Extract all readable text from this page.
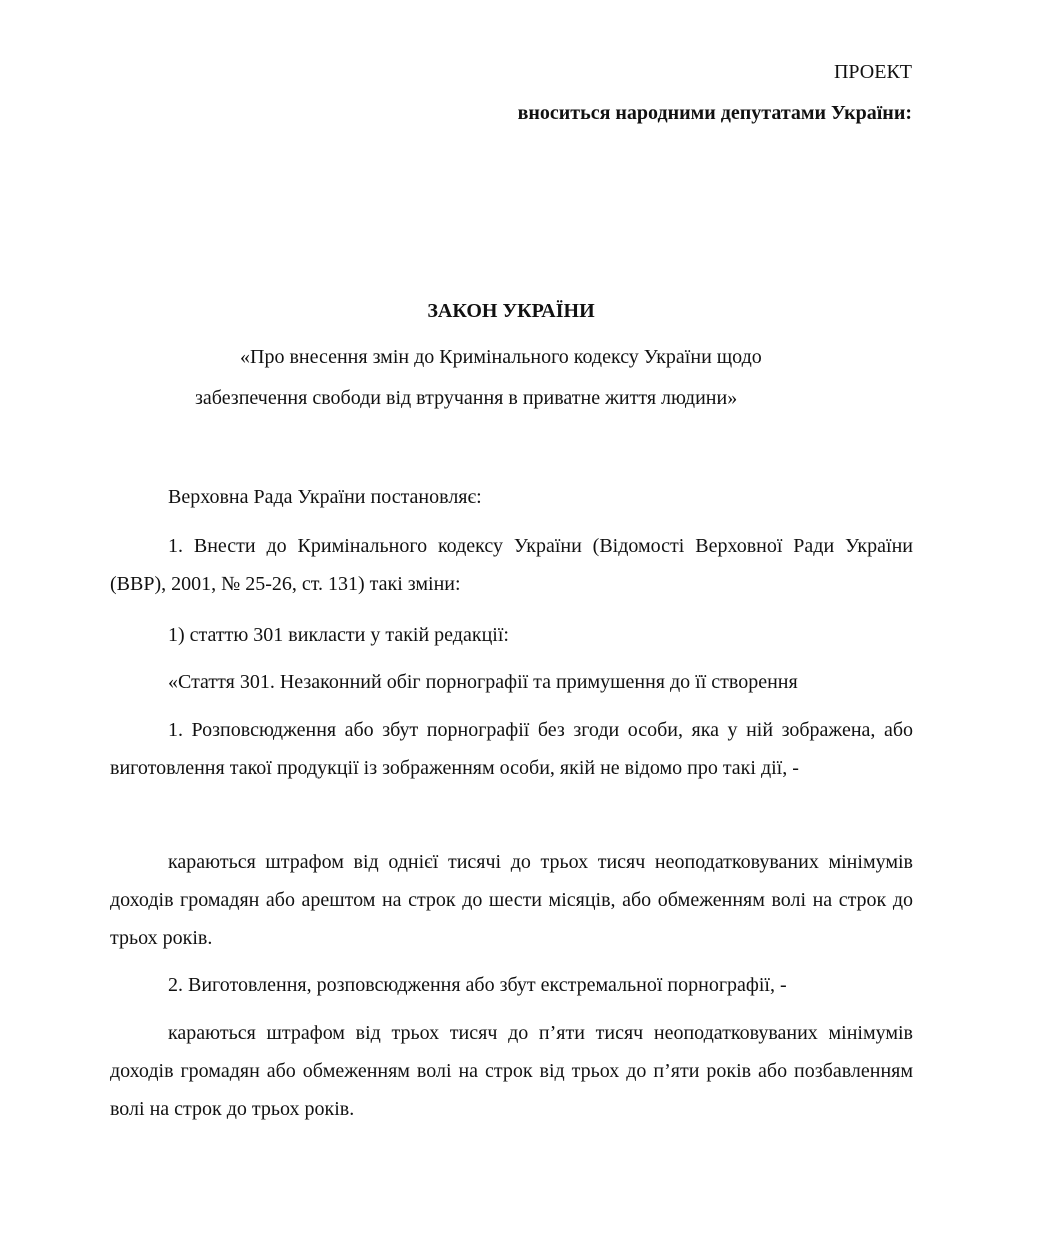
ПРОЕКТ
вноситься народними депутатами України:
ЗАКОН УКРАЇНИ
«Про внесення змін до Кримінального кодексу України щодо
забезпечення свободи від втручання в приватне життя людини»
Верховна Рада України постановляє:
1. Внести до Кримінального кодексу України (Відомості Верховної Ради України (ВВР), 2001, № 25-26, ст. 131) такі зміни:
1) статтю 301 викласти у такій редакції:
«Стаття 301. Незаконний обіг порнографії та примушення до її створення
1. Розповсюдження або збут порнографії без згоди особи, яка у ній зображена, або виготовлення такої продукції із зображенням особи, якій не відомо про такі дії, -
караються штрафом від однієї тисячі до трьох тисяч неоподатковуваних мінімумів доходів громадян або арештом на строк до шести місяців, або обмеженням волі на строк до трьох років.
2. Виготовлення, розповсюдження або збут екстремальної порнографії, -
караються штрафом від трьох тисяч до п’яти тисяч неоподатковуваних мінімумів доходів громадян або обмеженням волі на строк від трьох до п’яти років або позбавленням волі на строк до трьох років.
